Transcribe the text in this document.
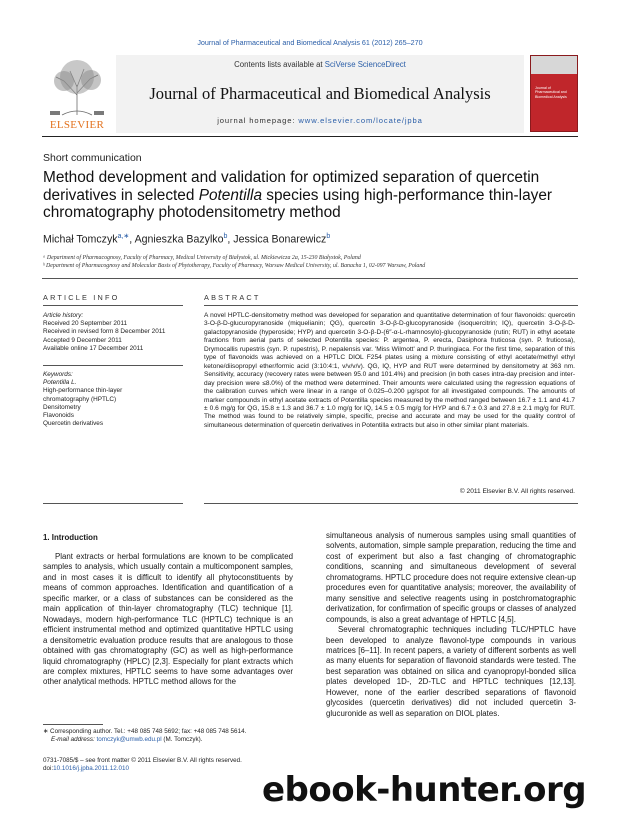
Journal of Pharmaceutical and Biomedical Analysis 61 (2012) 265–270
ELSEVIER
Contents lists available at SciVerse ScienceDirect
Journal of Pharmaceutical and Biomedical Analysis
journal homepage: www.elsevier.com/locate/jpba
Journal of Pharmaceutical and Biomedical Analysis
Short communication
Method development and validation for optimized separation of quercetin
derivatives in selected Potentilla species using high-performance thin-layer
chromatography photodensitometry method
Michał Tomczyk$^{a,∗}$, Agnieszka Bazylko$^b$, Jessica Bonarewicz$^b$
ᵃ Department of Pharmacognosy, Faculty of Pharmacy, Medical University of Białystok, ul. Mickiewicza 2a, 15-230 Białystok, Poland
ᵇ Department of Pharmacognosy and Molecular Basis of Phytotherapy, Faculty of Pharmacy, Warsaw Medical University, ul. Banacha 1, 02-097 Warsaw, Poland
ARTICLE INFO
Article history:
Received 20 September 2011
Received in revised form 8 December 2011
Accepted 9 December 2011
Available online 17 December 2011
Keywords:
Potentilla L.
High-performance thin-layer
chromatography (HPTLC)
Densitometry
Flavonoids
Quercetin derivatives
ABSTRACT
A novel HPTLC-densitometry method was developed for separation and quantitative determination of four flavonoids: quercetin 3-O-β-D-glucuropyranoside (miquelianin; QG), quercetin 3-O-β-D-glucopyranoside (isoquercitrin; IQ), quercetin 3-O-β-D-galactopyranoside (hyperoside; HYP) and quercetin 3-O-β-D-(6″-α-L-rhamnosylo)-glucopyranoside (rutin; RUT) in ethyl acetate fractions from aerial parts of selected Potentilla species: P. argentea, P. erecta, Dasiphora fruticosa (syn. P. fruticosa), Drymocallis rupestris (syn. P. rupestris), P. nepalensis var. 'Miss Wilmott' and P. thuringiaca. For the first time, separation of this type of flavonoids was achieved on a HPTLC DIOL F254 plates using a mixture consisting of ethyl acetate/methyl ethyl ketone/diisopropyl ether/formic acid (3:10:4:1, v/v/v/v). QG, IQ, HYP and RUT were determined by densitometry at 363 nm. Sensitivity, accuracy (recovery rates were between 95.0 and 101.4%) and precision (in both cases intra-day precision and inter-day precision were ≤8.0%) of the method were determined. Their amounts were calculated using the regression equations of the calibration curves which were linear in a range of 0.025–0.200 μg/spot for all investigated compounds. The amounts of marker compounds in ethyl acetate extracts of Potentilla species measured by the method ranged between 16.7 ± 1.1 and 41.7 ± 0.6 mg/g for QG, 15.8 ± 1.3 and 36.7 ± 1.0 mg/g for IQ, 14.5 ± 0.5 mg/g for HYP and 6.7 ± 0.3 and 27.8 ± 2.1 mg/g for RUT. The method was found to be relatively simple, specific, precise and accurate and may be used for the quality control of simultaneous determination of quercetin derivatives in Potentilla extracts but also in other similar plant materials.
© 2011 Elsevier B.V. All rights reserved.
1. Introduction

Plant extracts or herbal formulations are known to be complicated samples to analysis, which usually contain a multicomponent samples, and in most cases it is difficult to identify all phytoconstituents by means of common approaches. Identification and quantification of a specific marker, or a class of substances can be considered as the main application of thin-layer chromatography (TLC) technique [1]. Nowadays, modern high-performance TLC (HPTLC) technique is an efficient instrumental method and optimized quantitative HPTLC using a densitometric evaluation produce results that are analogous to those obtained with gas chromatography (GC) as well as high-performance liquid chromatography (HPLC) [2,3]. Especially for plant extracts which are complex mixtures, HPTLC seems to have some advantages over other analytical methods. HPTLC method allows for the

simultaneous analysis of numerous samples using small quantities of solvents, automation, simple sample preparation, reducing the time and cost of experiment but also a fast changing of chromatographic conditions, scanning and simultaneous development of several chromatograms. HPTLC procedure does not require extensive clean-up procedures even for quantitative analysis; moreover, the availability of many sensitive and selective reagents using in postchromatographic derivatization, for confirmation of specific groups or classes of analyzed compounds, is also a great advantage of HPTLC [4,5].

Several chromatographic techniques including TLC/HPTLC have been developed to analyze flavonol-type compounds in various matrices [6–11]. In recent papers, a variety of different sorbents as well as many eluents for separation of flavonoid standards were tested. The best separation was obtained on silica and cyanopropyl-bonded silica plates developed 1D-, 2D-TLC and HPTLC techniques [12,13]. However, none of the earlier described separations of flavonoid glycosides (quercetin derivatives) did not included quercetin 3-glucuronide as well as separation on DIOL plates.

∗ Corresponding author. Tel.: +48 085 748 5692; fax: +48 085 748 5614.
E-mail address: tomczyk@umwb.edu.pl (M. Tomczyk).
0731-7085/$ – see front matter © 2011 Elsevier B.V. All rights reserved.
doi:10.1016/j.jpba.2011.12.010
ebook-hunter.org
